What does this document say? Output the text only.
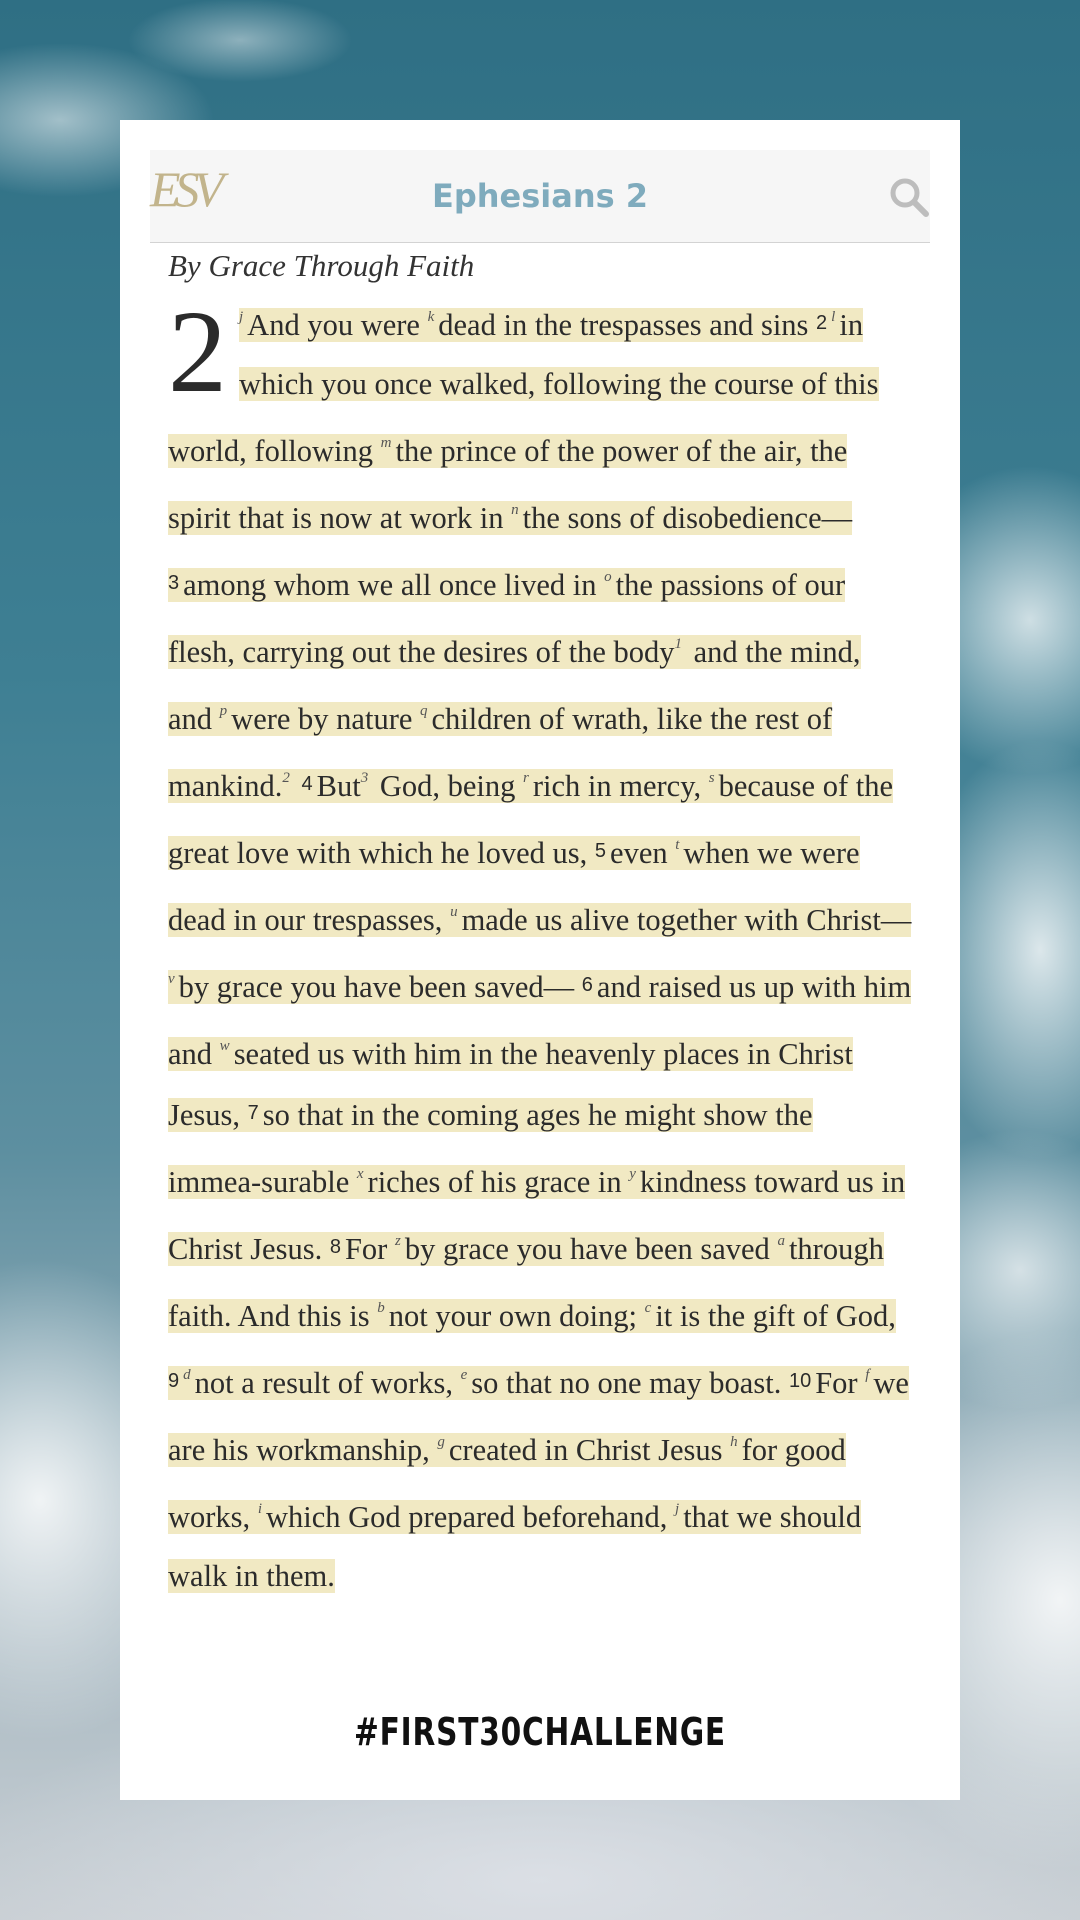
ESV	Ephesians 2
By Grace Through Faith
2 $^j$ And you were $^k$ dead in the trespasses and sins 2 $^l$ in which you once walked, following the course of this world, following $^m$ the prince of the power of the air, the spirit that is now at work in $^n$ the sons of disobedience— 3 among whom we all once lived in $^o$ the passions of our flesh, carrying out the desires of the body$^1$ and the mind, and $^p$ were by nature $^q$ children of wrath, like the rest of mankind.$^2$ 4 But$^3$ God, being $^r$ rich in mercy, $^s$ because of the great love with which he loved us, 5 even $^t$ when we were dead in our trespasses, $^u$ made us alive together with Christ—$^v$ by grace you have been saved— 6 and raised us up with him and $^w$ seated us with him in the heavenly places in Christ Jesus, 7 so that in the coming ages he might show the immea-surable $^x$ riches of his grace in $^y$ kindness toward us in Christ Jesus. 8 For $^z$ by grace you have been saved $^a$ through faith. And this is $^b$ not your own doing; $^c$ it is the gift of God, 9 $^d$ not a result of works, $^e$ so that no one may boast. 10 For $^f$ we are his workmanship, $^g$ created in Christ Jesus $^h$ for good works, $^i$ which God prepared beforehand, $^j$ that we should walk in them.
#FIRST30CHALLENGE
